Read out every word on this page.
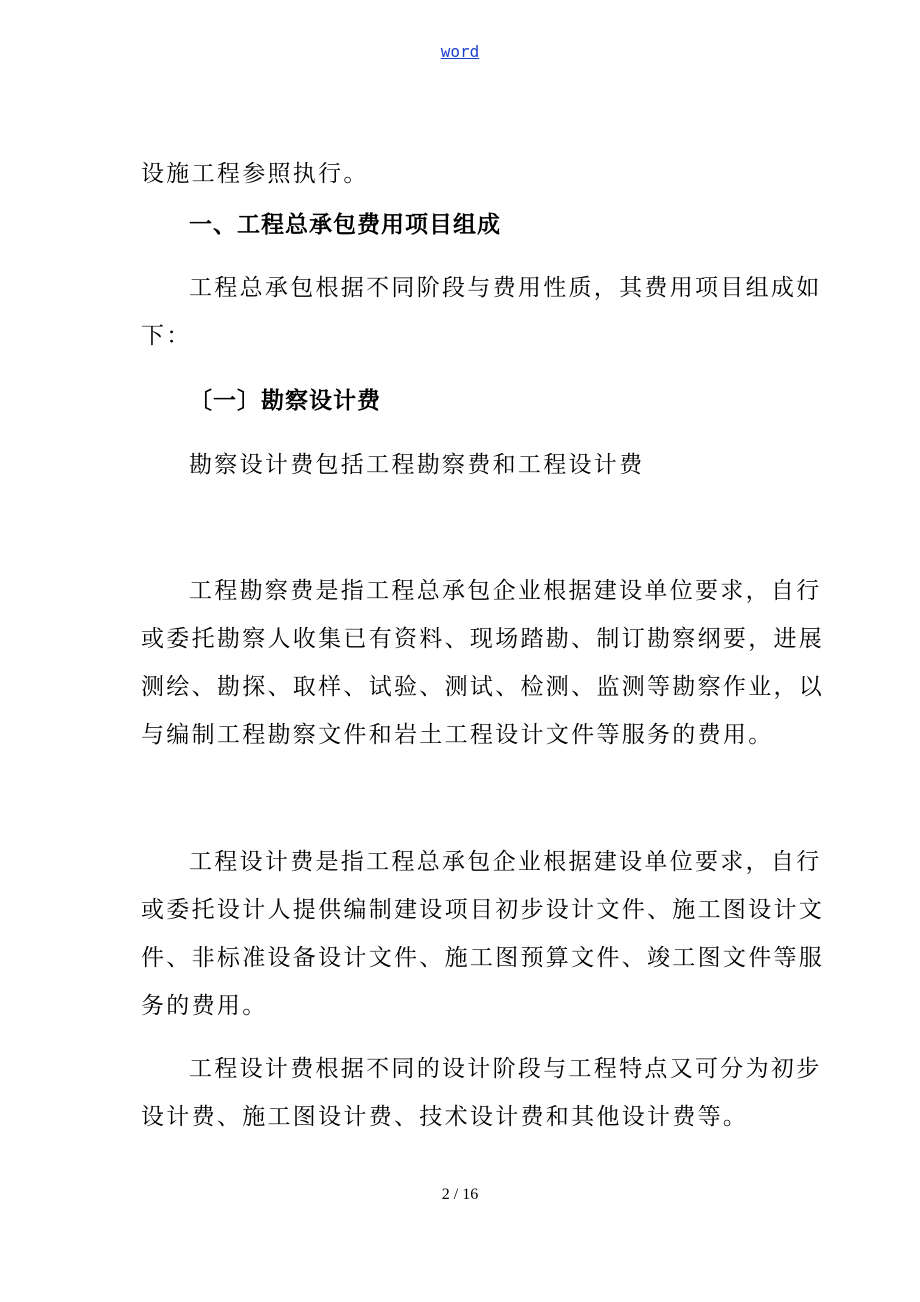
word
设施工程参照执行。
一、工程总承包费用项目组成
工程总承包根据不同阶段与费用性质，其费用项目组成如
下：
〔一〕勘察设计费
勘察设计费包括工程勘察费和工程设计费
工程勘察费是指工程总承包企业根据建设单位要求，自行
或委托勘察人收集已有资料、现场踏勘、制订勘察纲要，进展
测绘、勘探、取样、试验、测试、检测、监测等勘察作业，以
与编制工程勘察文件和岩土工程设计文件等服务的费用。
工程设计费是指工程总承包企业根据建设单位要求，自行
或委托设计人提供编制建设项目初步设计文件、施工图设计文
件、非标准设备设计文件、施工图预算文件、竣工图文件等服
务的费用。
工程设计费根据不同的设计阶段与工程特点又可分为初步
设计费、施工图设计费、技术设计费和其他设计费等。
2 / 16
